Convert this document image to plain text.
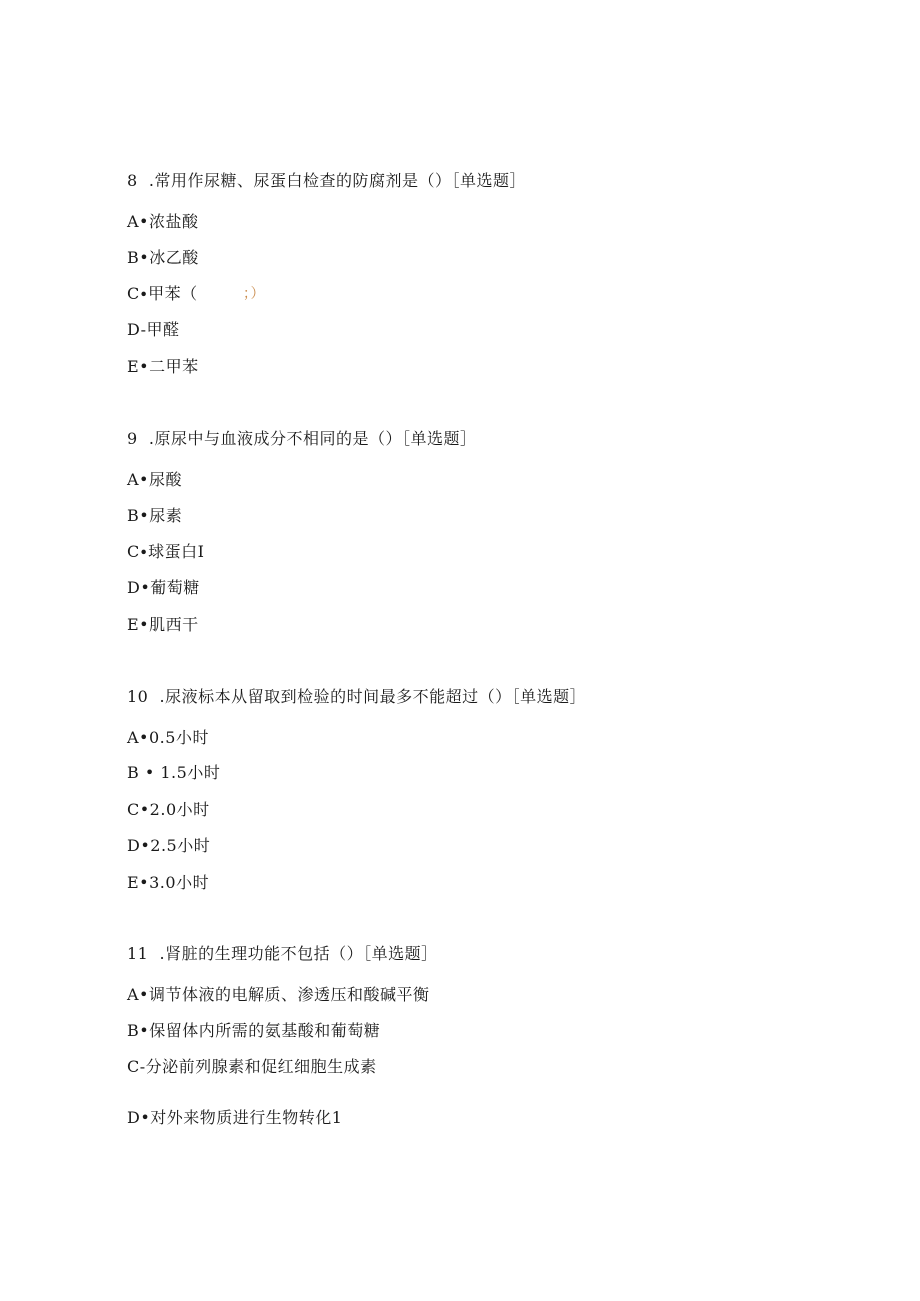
8  .常用作尿糖、尿蛋白检查的防腐剂是（）［单选题］
A•浓盐酸
B•冰乙酸
C∙甲苯（	；）
D-甲醛
E•二甲苯
9  .原尿中与血液成分不相同的是（）［单选题］
A•尿酸
B•尿素
C∙球蛋白I
D•葡萄糖
E•肌西干
10  .尿液标本从留取到检验的时间最多不能超过（）［单选题］
A•0.5小时
B • 1.5小时
C•2.0小时
D•2.5小时
E•3.0小时
11  .肾脏的生理功能不包括（）［单选题］
A•调节体液的电解质、渗透压和酸碱平衡
B•保留体内所需的氨基酸和葡萄糖
C-分泌前列腺素和促红细胞生成素
D•对外来物质进行生物转化1
